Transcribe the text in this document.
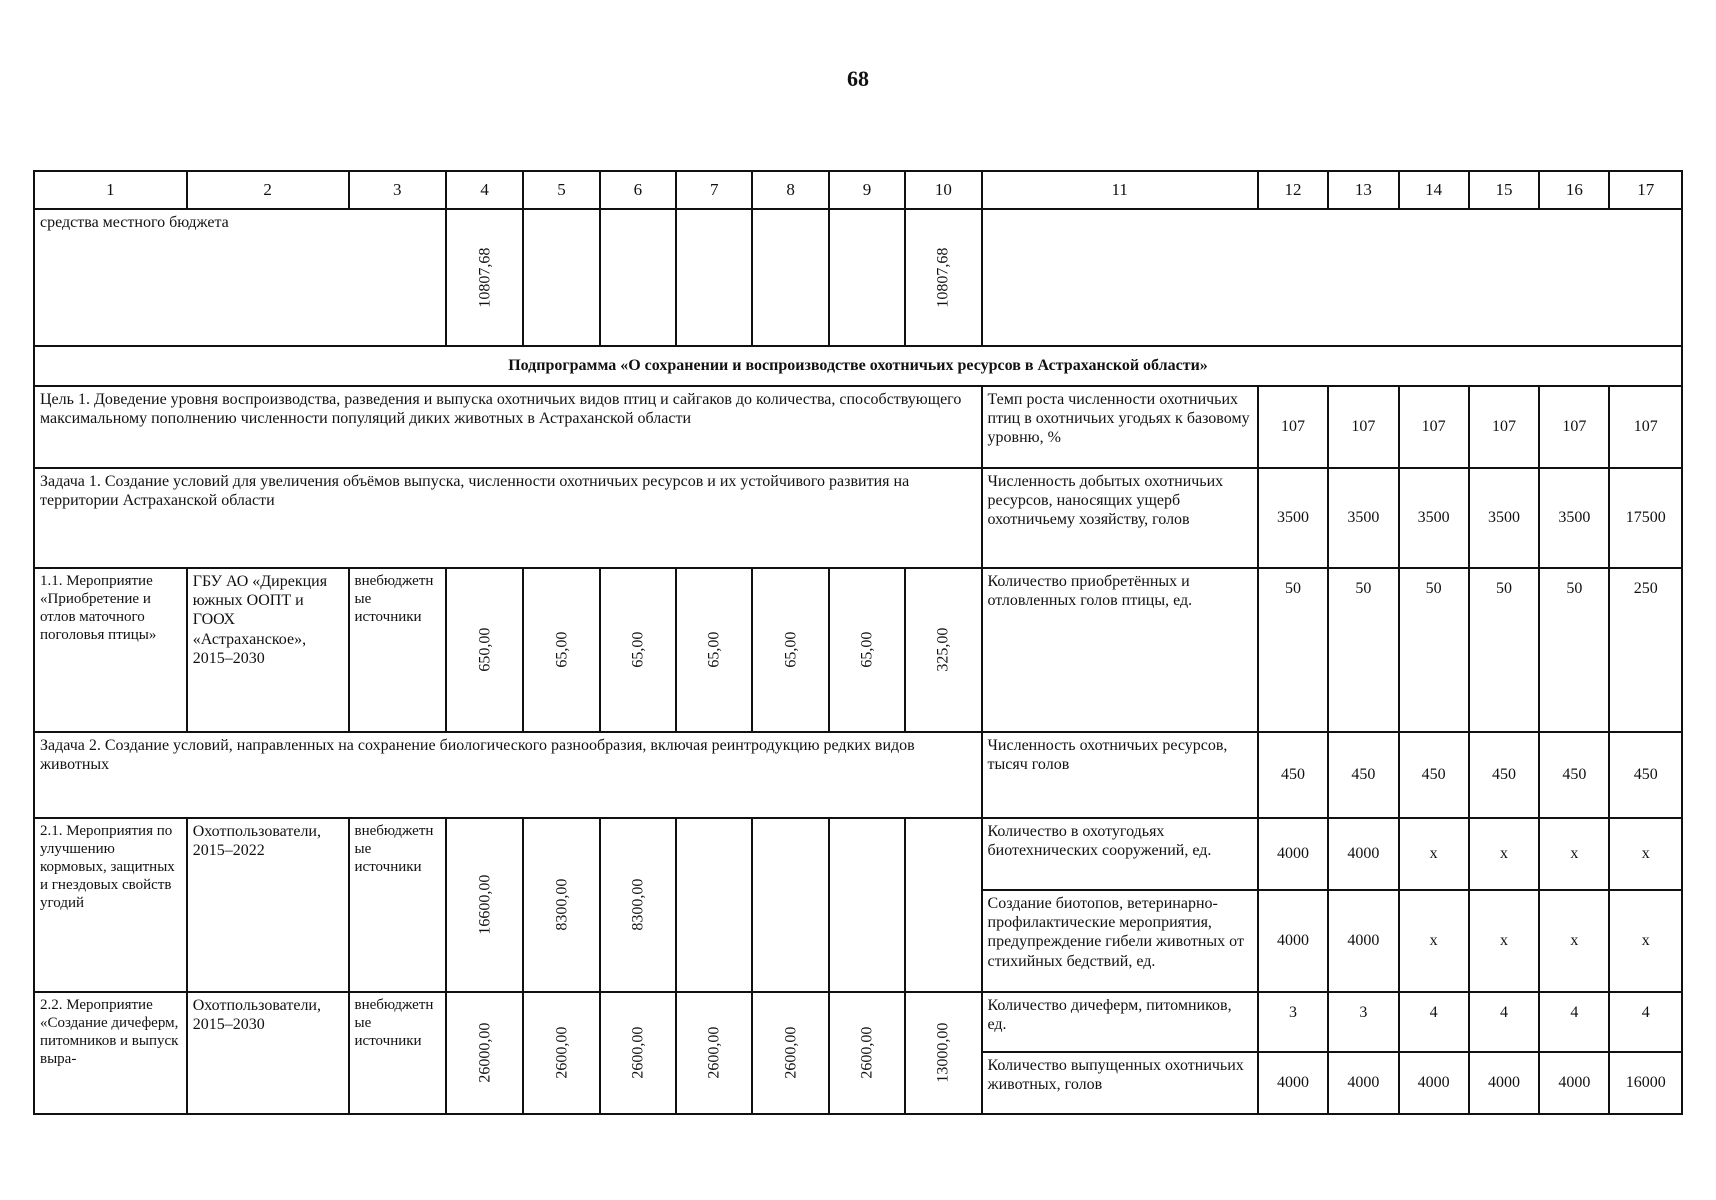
68
1	2	3	4	5	6	7	8	9	10	11	12	13	14	15	16	17
средства местного бюджета			10807,68						10807,68							
Подпрограмма «О сохранении и воспроизводстве охотничьих ресурсов в Астраханской области»																
Цель 1. Доведение уровня воспроизводства, разведения и выпуска охотничьих видов птиц и сайгаков до количества, способствующего максимальному пополнению численности популяций диких животных в Астраханской области										Темп роста численности охотничьих птиц в охотничьих угодьях к базовому уровню, %	107	107	107	107	107	107
Задача 1. Создание условий для увеличения объёмов выпуска, численности охотничьих ресурсов и их устойчивого развития на территории Астраханской области										Численность добытых охотничьих ресурсов, наносящих ущерб охотничьему хозяйству, голов	3500	3500	3500	3500	3500	17500
1.1. Мероприятие «Приобретение и отлов маточного поголовья птицы»	ГБУ АО «Дирекция южных ООПТ и ГООХ «Астраханское», 2015–2030	внебюджетные источники	650,00	65,00	65,00	65,00	65,00	65,00	325,00	Количество приобретённых и отловленных голов птицы, ед.	50	50	50	50	50	250
Задача 2. Создание условий, направленных на сохранение биологического разнообразия, включая реинтродукцию редких видов животных										Численность охотничьих ресурсов, тысяч голов	450	450	450	450	450	450
2.1. Мероприятия по улучшению кормовых, защитных и гнездовых свойств угодий	Охотпользователи, 2015–2022	внебюджетные источники	16600,00	8300,00	8300,00					Количество в охотугодьях биотехнических сооружений, ед.	4000	4000	х	х	х	х
										Создание биотопов, ветеринарно-профилактические мероприятия, предупреждение гибели животных от стихийных бедствий, ед.	4000	4000	х	х	х	х
2.2. Мероприятие «Создание дичеферм, питомников и выпуск выра-	Охотпользователи, 2015–2030	внебюджетные источники	26000,00	2600,00	2600,00	2600,00	2600,00	2600,00	13000,00	Количество дичеферм, питомников, ед.	3	3	4	4	4	4
										Количество выпущенных охотничьих животных, голов	4000	4000	4000	4000	4000	16000
